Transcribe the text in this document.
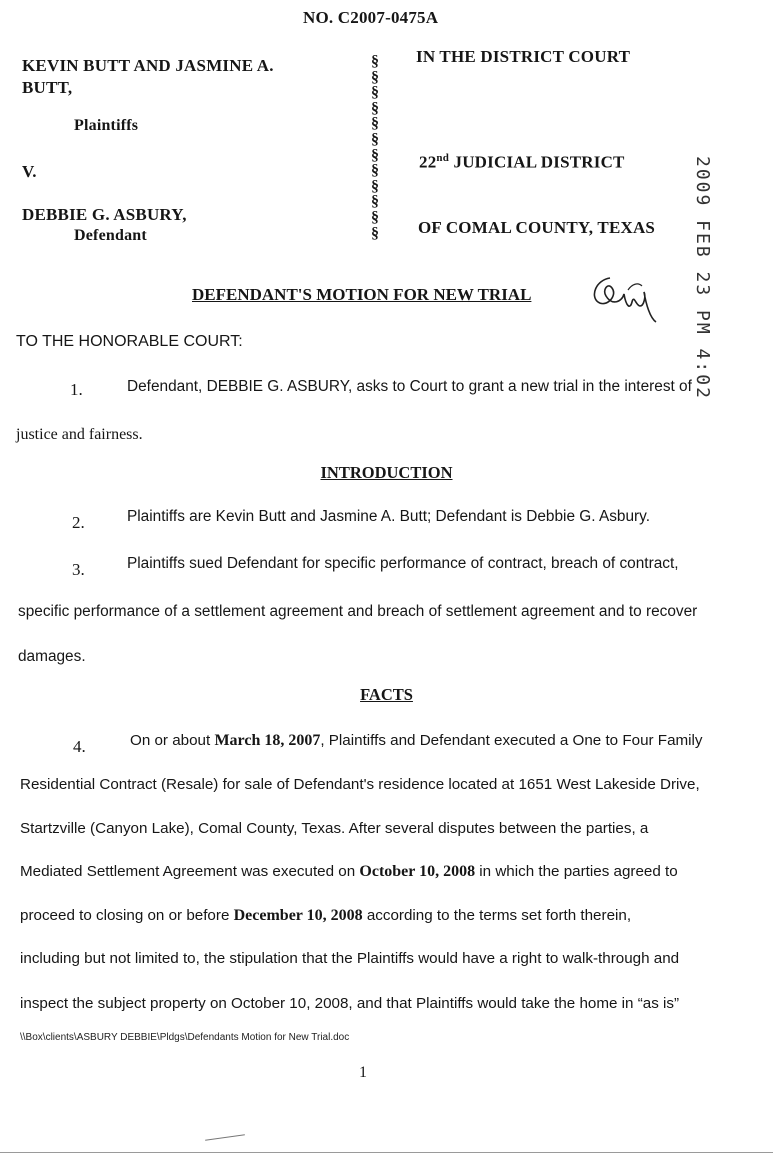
NO. C2007-0475A
KEVIN BUTT AND JASMINE A.
BUTT,
Plaintiffs
V.
DEBBIE G. ASBURY,
Defendant
§
§
§
§
§
§
§
§
§
§
§
§
IN THE DISTRICT COURT
22nd JUDICIAL DISTRICT
OF COMAL COUNTY, TEXAS 2009 FEB 23 PM 4:02
DEFENDANT'S MOTION FOR NEW TRIAL
TO THE HONORABLE COURT:
1.	Defendant, DEBBIE G. ASBURY, asks to Court to grant a new trial in the interest of
justice and fairness.
INTRODUCTION
2.	Plaintiffs are Kevin Butt and Jasmine A. Butt; Defendant is Debbie G. Asbury.
3.	Plaintiffs sued Defendant for specific performance of contract, breach of contract,
specific performance of a settlement agreement and breach of settlement agreement and to recover
damages.
FACTS
4.	On or about March 18, 2007, Plaintiffs and Defendant executed a One to Four Family
Residential Contract (Resale) for sale of Defendant's residence located at 1651 West Lakeside Drive,
Startzville (Canyon Lake), Comal County, Texas. After several disputes between the parties, a
Mediated Settlement Agreement was executed on October 10, 2008 in which the parties agreed to
proceed to closing on or before December 10, 2008 according to the terms set forth therein,
including but not limited to, the stipulation that the Plaintiffs would have a right to walk-through and
inspect the subject property on October 10, 2008, and that Plaintiffs would take the home in “as is”
\\Box\clients\ASBURY DEBBIE\Pldgs\Defendants Motion for New Trial.doc
1
